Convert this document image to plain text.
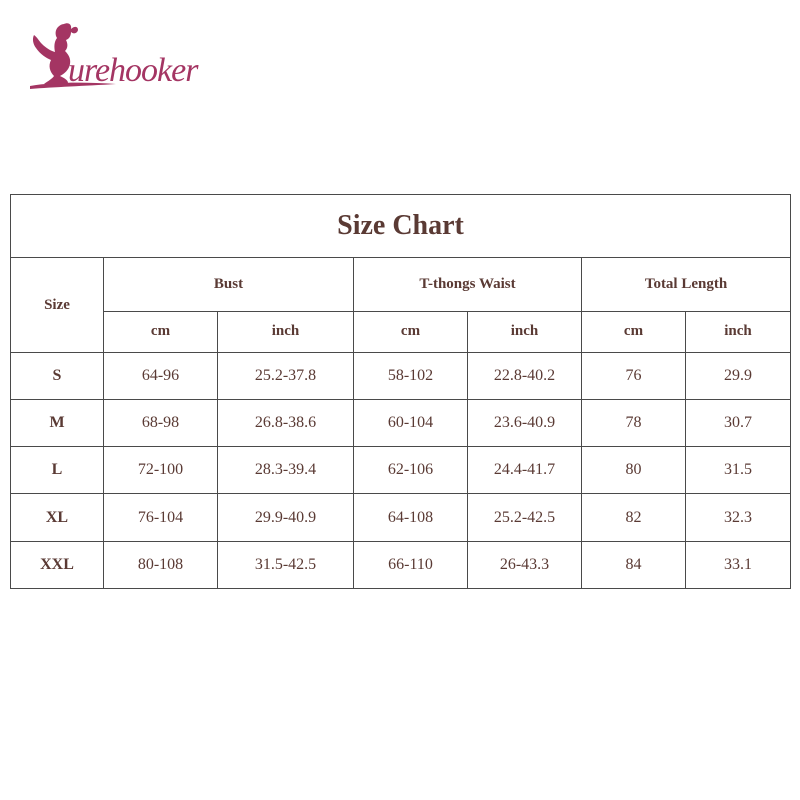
urehooker
Size Chart						
Size	Bust		T-thongs Waist		Total Length	
	cm	inch	cm	inch	cm	inch
S	64-96	25.2-37.8	58-102	22.8-40.2	76	29.9
M	68-98	26.8-38.6	60-104	23.6-40.9	78	30.7
L	72-100	28.3-39.4	62-106	24.4-41.7	80	31.5
XL	76-104	29.9-40.9	64-108	25.2-42.5	82	32.3
XXL	80-108	31.5-42.5	66-110	26-43.3	84	33.1
